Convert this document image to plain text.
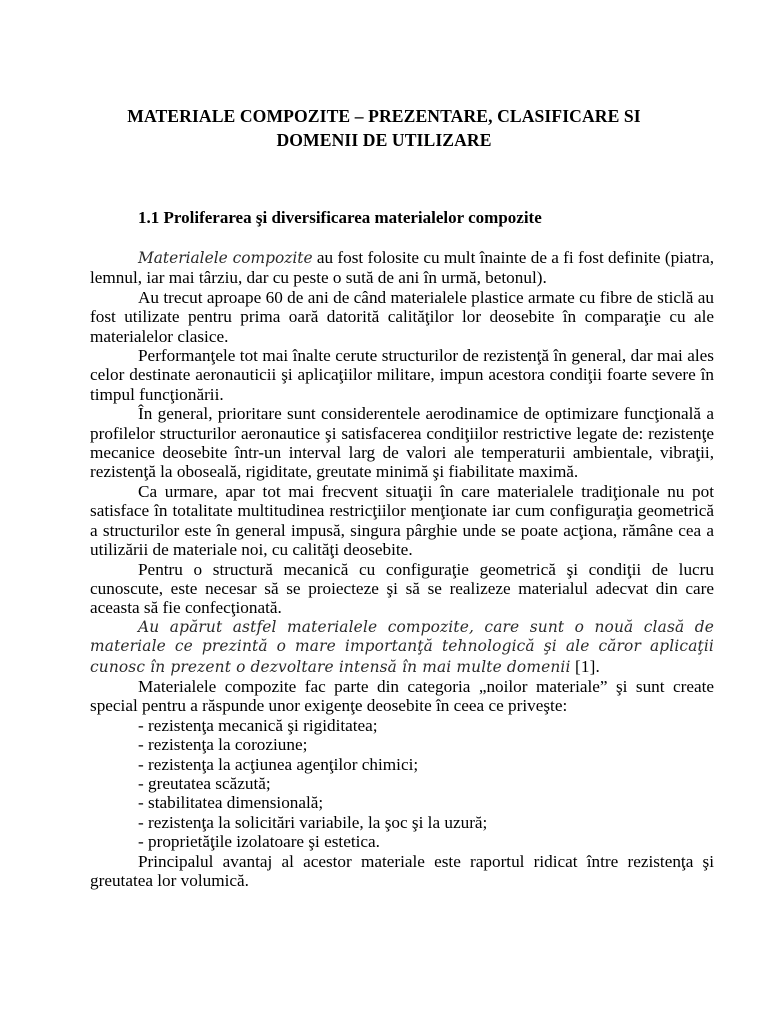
MATERIALE COMPOZITE – PREZENTARE, CLASIFICARE SI
DOMENII DE UTILIZARE
1.1 Proliferarea şi diversificarea materialelor compozite

Materialele compozite au fost folosite cu mult înainte de a fi fost definite (piatra, lemnul, iar mai târziu, dar cu peste o sută de ani în urmă, betonul).

Au trecut aproape 60 de ani de când materialele plastice armate cu fibre de sticlă au fost utilizate pentru prima oară datorită calităţilor lor deosebite în comparaţie cu ale materialelor clasice.

Performanţele tot mai înalte cerute structurilor de rezistenţă în general, dar mai ales celor destinate aeronauticii şi aplicaţiilor militare, impun acestora condiţii foarte severe în timpul funcţionării.

În general, prioritare sunt considerentele aerodinamice de optimizare funcţională a profilelor structurilor aeronautice şi satisfacerea condiţiilor restrictive legate de: rezistenţe mecanice deosebite într-un interval larg de valori ale temperaturii ambientale, vibraţii, rezistenţă la oboseală, rigiditate, greutate minimă şi fiabilitate maximă.

Ca urmare, apar tot mai frecvent situaţii în care materialele tradiţionale nu pot satisface în totalitate multitudinea restricţiilor menţionate iar cum configuraţia geometrică a structurilor este în general impusă, singura pârghie unde se poate acţiona, rămâne cea a utilizării de materiale noi, cu calităţi deosebite.

Pentru o structură mecanică cu configuraţie geometrică şi condiţii de lucru cunoscute, este necesar să se proiecteze şi să se realizeze materialul adecvat din care aceasta să fie confecţionată.

Au apărut astfel materialele compozite, care sunt o nouă clasă de materiale ce prezintă o mare importanţă tehnologică şi ale căror aplicaţii cunosc în prezent o dezvoltare intensă în mai multe domenii [1].

Materialele compozite fac parte din categoria „noilor materiale” şi sunt create special pentru a răspunde unor exigenţe deosebite în ceea ce priveşte:

- rezistenţa mecanică şi rigiditatea;
- rezistenţa la coroziune;
- rezistenţa la acţiunea agenţilor chimici;
- greutatea scăzută;
- stabilitatea dimensională;
- rezistenţa la solicitări variabile, la şoc şi la uzură;
- proprietăţile izolatoare şi estetica.

Principalul avantaj al acestor materiale este raportul ridicat între rezistenţa şi greutatea lor volumică.
